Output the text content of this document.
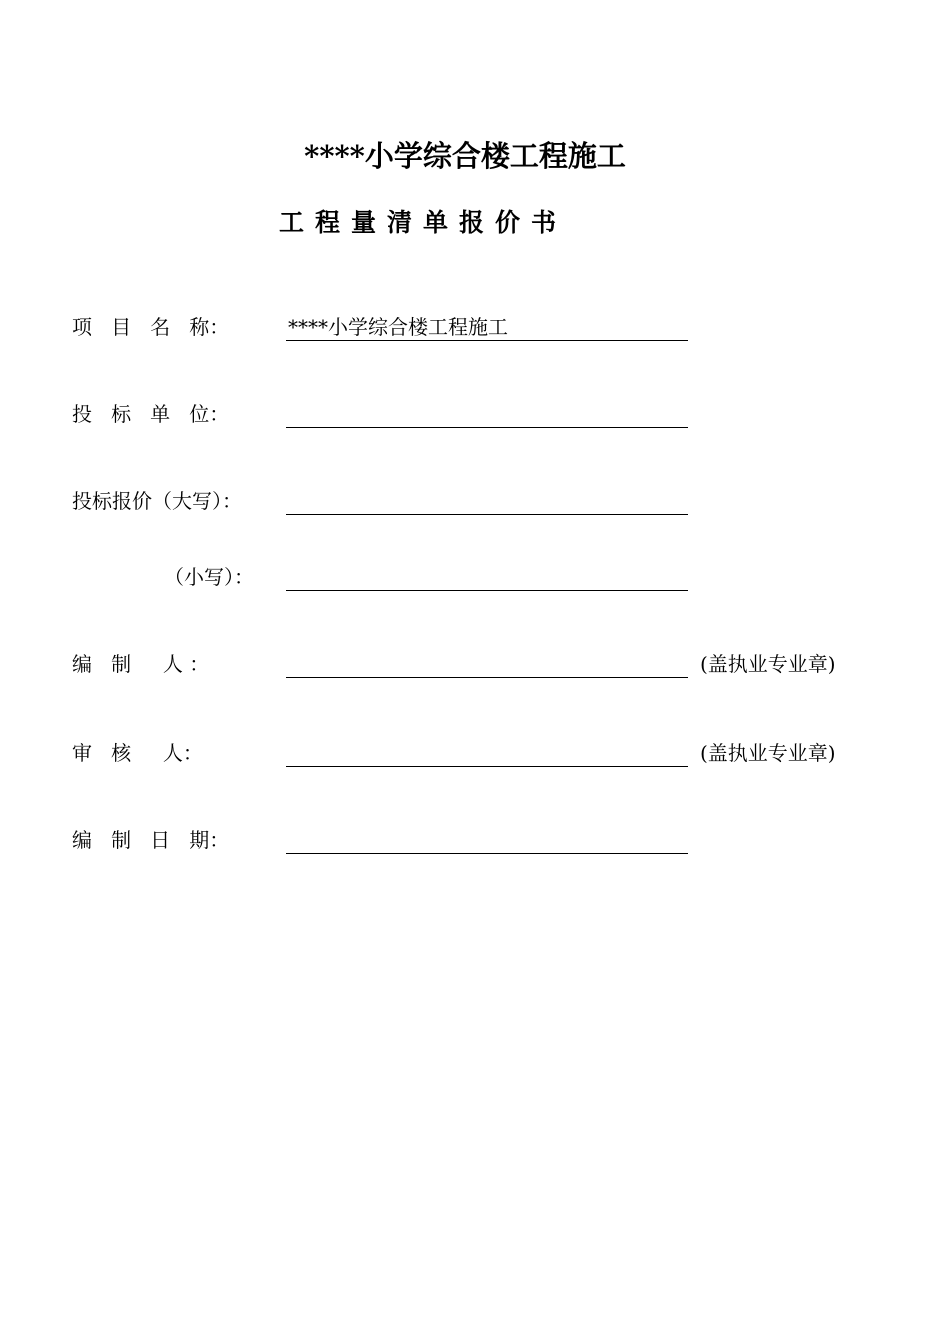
****小学综合楼工程施工
工程量清单报价书
项   目   名   称：	****小学综合楼工程施工
投   标   单   位：
投标报价（大写）：
（小写）：
编   制     人 ：	(盖执业专业章)
审   核     人：	(盖执业专业章)
编   制   日   期：
